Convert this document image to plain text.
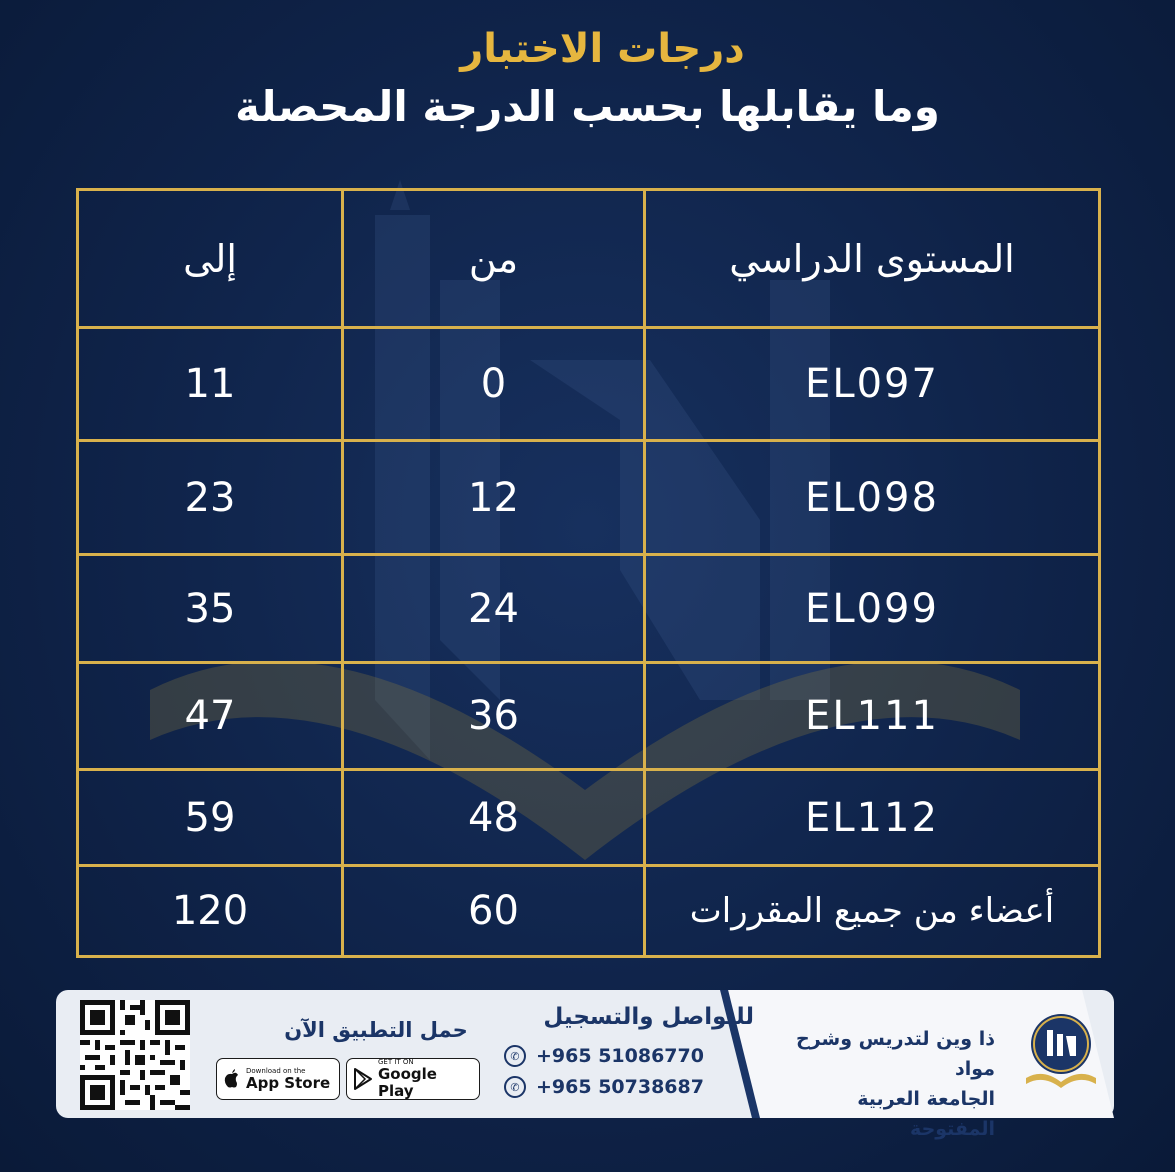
درجات الاختبار
وما يقابلها بحسب الدرجة المحصلة
إلى	من	المستوى الدراسي
11	0	EL097
23	12	EL098
35	24	EL099
47	36	EL111
59	48	EL112
120	60	أعضاء من جميع المقررات
ذا وين لتدريس وشرح مواد
الجامعة العربية المفتوحة
للتواصل والتسجيل
✆ +965 51086770
✆ +965 50738687
حمل التطبيق الآن
Download on the
App Store
GET IT ON
Google Play
